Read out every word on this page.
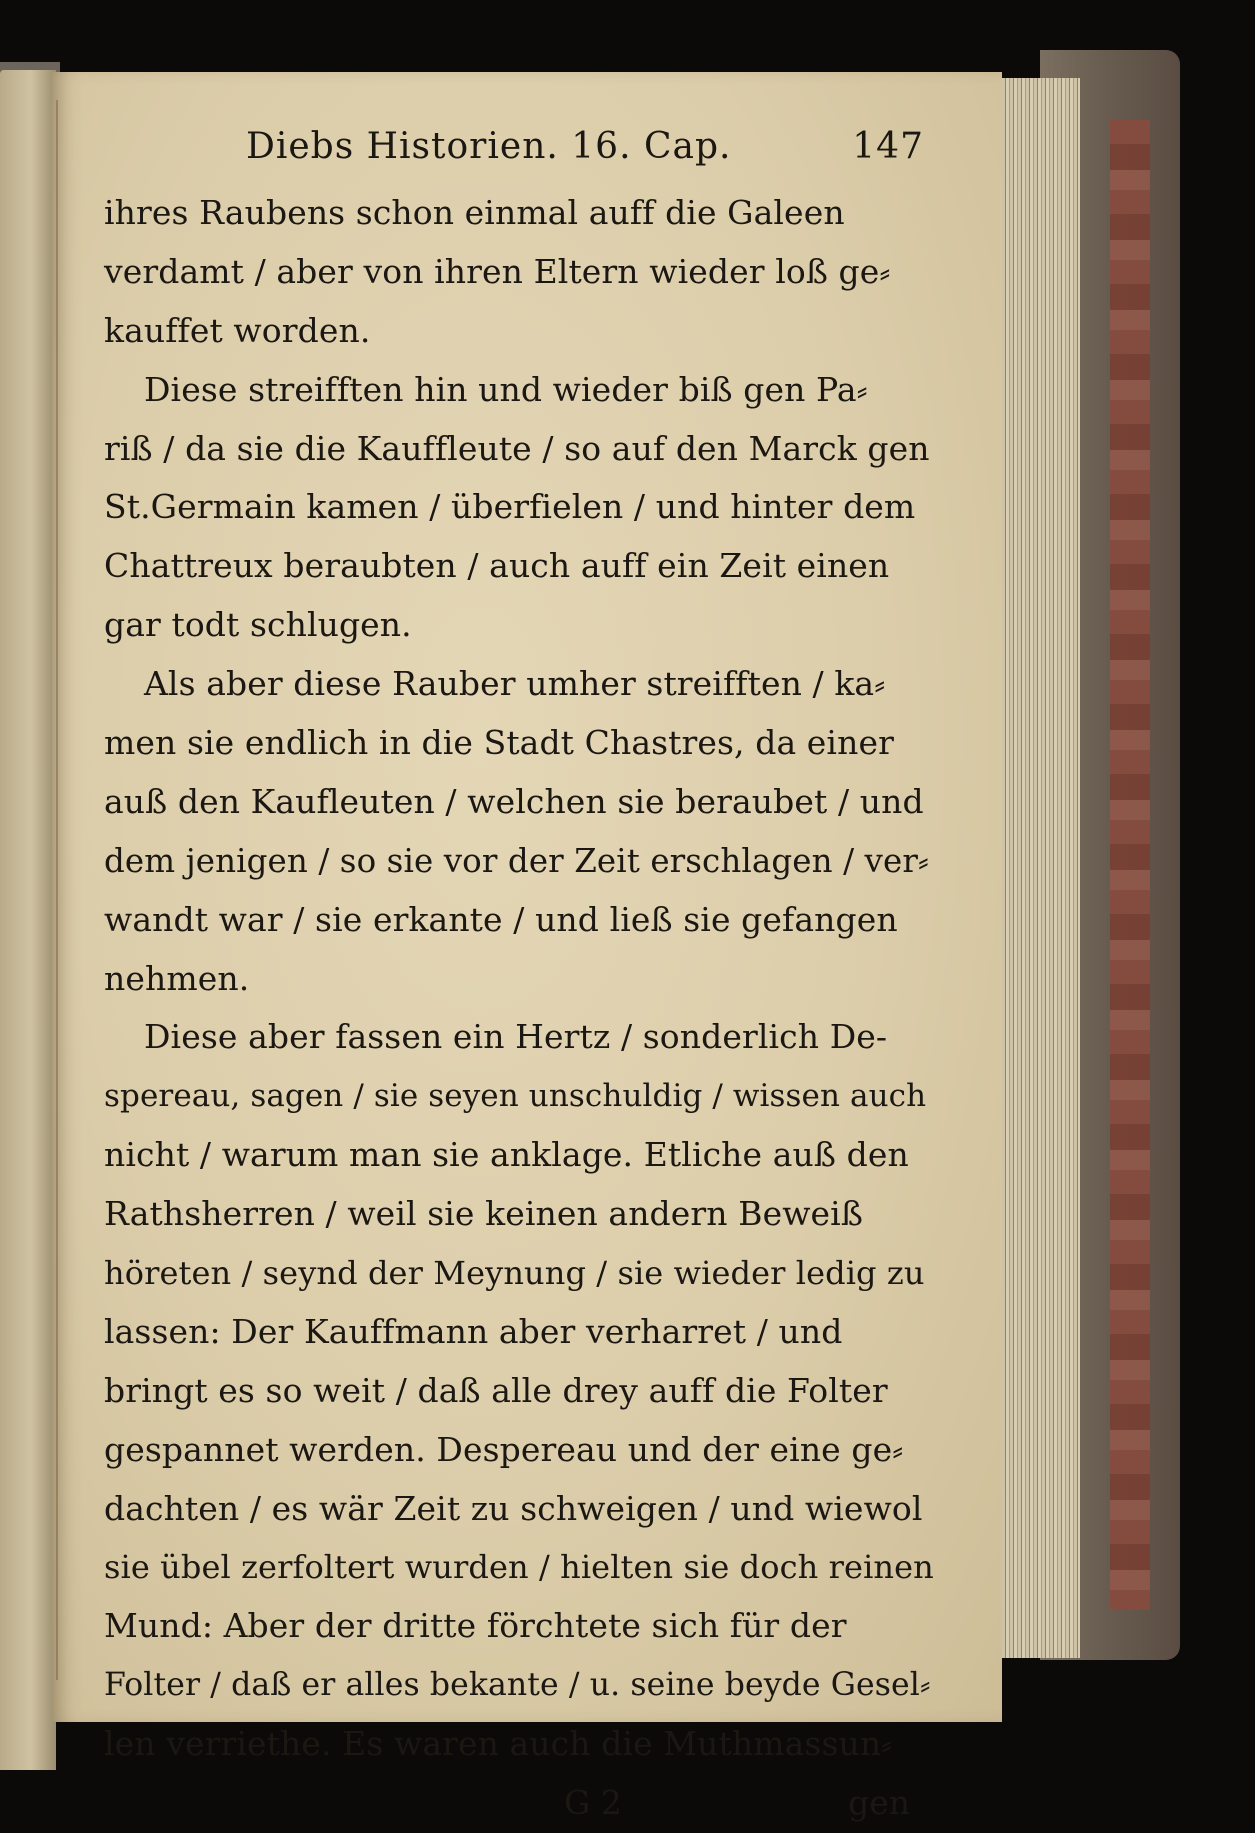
Diebs Historien. 16. Cap.	147
ihres Raubens schon einmal auff die Galeen
verdamt / aber von ihren Eltern wieder loß ge⸗
kauffet worden.
Diese streifften hin und wieder biß gen Pa⸗
riß / da sie die Kauffleute / so auf den Marck gen
St.Germain kamen / überfielen / und hinter dem
Chattreux beraubten / auch auff ein Zeit einen
gar todt schlugen.
Als aber diese Rauber umher streifften / ka⸗
men sie endlich in die Stadt Chastres, da einer
auß den Kaufleuten / welchen sie beraubet / und
dem jenigen / so sie vor der Zeit erschlagen / ver⸗
wandt war / sie erkante / und ließ sie gefangen
nehmen.
Diese aber fassen ein Hertz / sonderlich De-
spereau, sagen / sie seyen unschuldig / wissen auch
nicht / warum man sie anklage. Etliche auß den
Rathsherren / weil sie keinen andern Beweiß
höreten / seynd der Meynung / sie wieder ledig zu
lassen: Der Kauffmann aber verharret / und
bringt es so weit / daß alle drey auff die Folter
gespannet werden. Despereau und der eine ge⸗
dachten / es wär Zeit zu schweigen / und wiewol
sie übel zerfoltert wurden / hielten sie doch reinen
Mund: Aber der dritte förchtete sich für der
Folter / daß er alles bekante / u. seine beyde Gesel⸗
len verriethe. Es waren auch die Muthmassun⸗
G 2	gen
